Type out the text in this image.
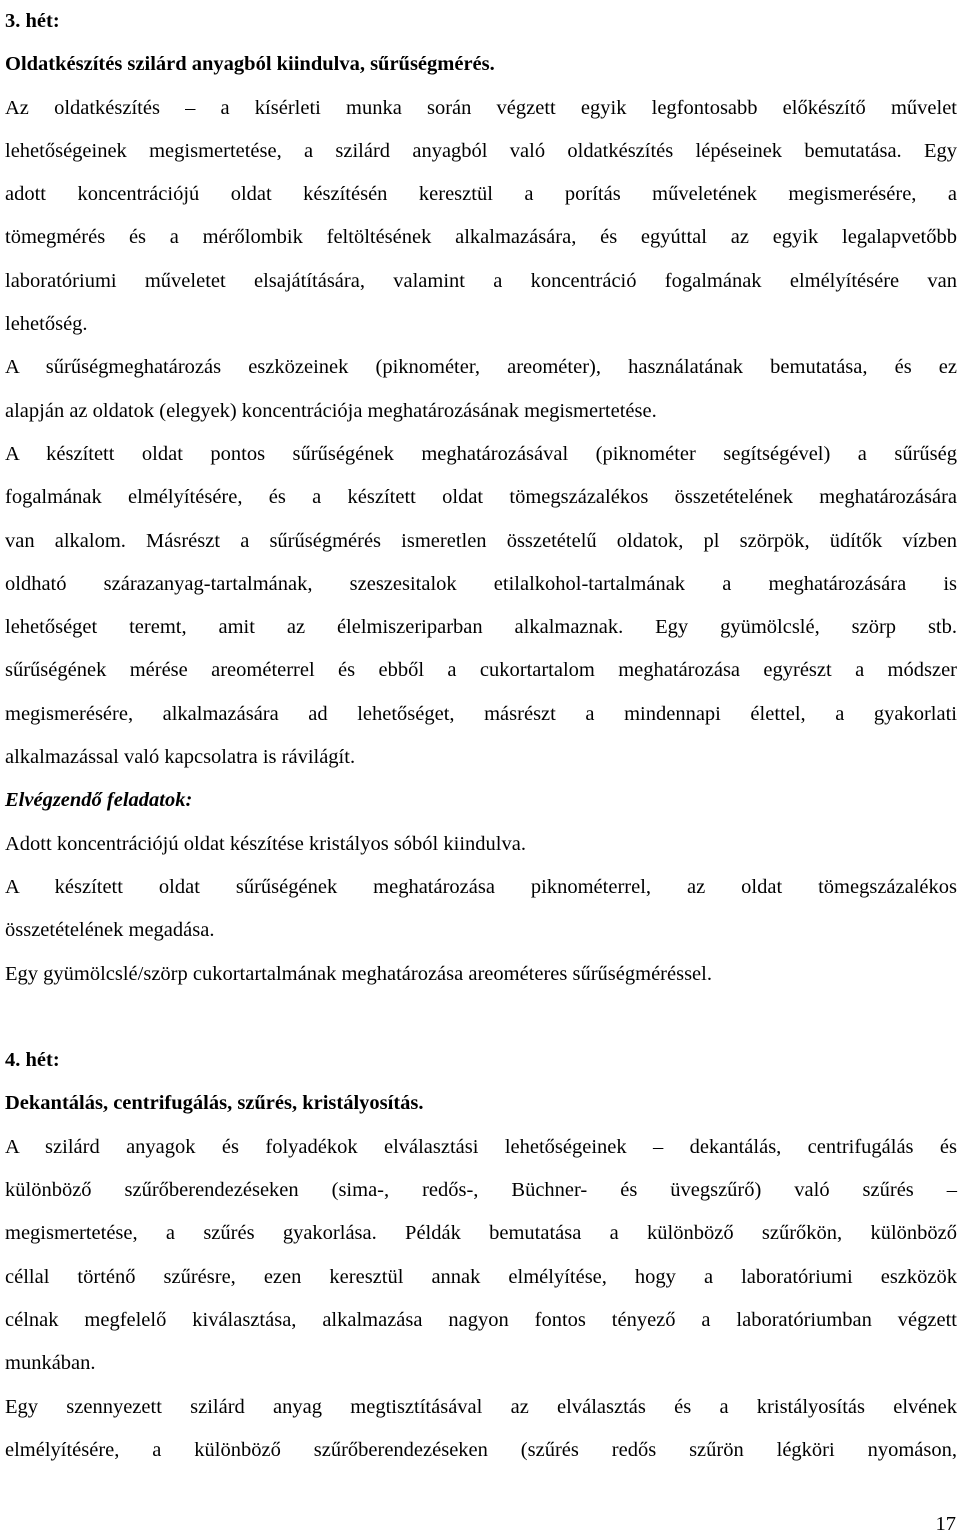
3. hét:
Oldatkészítés szilárd anyagból kiindulva, sűrűségmérés.
Az oldatkészítés – a kísérleti munka során végzett egyik legfontosabb előkészítő művelet
lehetőségeinek megismertetése, a szilárd anyagból való oldatkészítés lépéseinek bemutatása. Egy
adott koncentrációjú oldat készítésén keresztül a porítás műveletének megismerésére, a
tömegmérés és a mérőlombik feltöltésének alkalmazására, és egyúttal az egyik legalapvetőbb
laboratóriumi műveletet elsajátítására, valamint a koncentráció fogalmának elmélyítésére van
lehetőség.
A sűrűségmeghatározás eszközeinek (piknométer, areométer), használatának bemutatása, és ez
alapján az oldatok (elegyek) koncentrációja meghatározásának megismertetése.
A készített oldat pontos sűrűségének meghatározásával (piknométer segítségével) a sűrűség
fogalmának elmélyítésére, és a készített oldat tömegszázalékos összetételének meghatározására
van alkalom. Másrészt a sűrűségmérés ismeretlen összetételű oldatok, pl szörpök, üdítők vízben
oldható szárazanyag-tartalmának, szeszesitalok etilalkohol-tartalmának a meghatározására is
lehetőséget teremt, amit az élelmiszeriparban alkalmaznak. Egy gyümölcslé, szörp stb.
sűrűségének mérése areométerrel és ebből a cukortartalom meghatározása egyrészt a módszer
megismerésére, alkalmazására ad lehetőséget, másrészt a mindennapi élettel, a gyakorlati
alkalmazással való kapcsolatra is rávilágít.
Elvégzendő feladatok:
Adott koncentrációjú oldat készítése kristályos sóból kiindulva.
A készített oldat sűrűségének meghatározása piknométerrel, az oldat tömegszázalékos
összetételének megadása.
Egy gyümölcslé/szörp cukortartalmának meghatározása areométeres sűrűségméréssel.
4. hét:
Dekantálás, centrifugálás, szűrés, kristályosítás.
A szilárd anyagok és folyadékok elválasztási lehetőségeinek – dekantálás, centrifugálás és
különböző szűrőberendezéseken (sima-, redős-, Büchner- és üvegszűrő) való szűrés –
megismertetése, a szűrés gyakorlása. Példák bemutatása a különböző szűrőkön, különböző
céllal történő szűrésre, ezen keresztül annak elmélyítése, hogy a laboratóriumi eszközök
célnak megfelelő kiválasztása, alkalmazása nagyon fontos tényező a laboratóriumban végzett
munkában.
Egy szennyezett szilárd anyag megtisztításával az elválasztás és a kristályosítás elvének
elmélyítésére, a különböző szűrőberendezéseken (szűrés redős szűrön légköri nyomáson,
17
